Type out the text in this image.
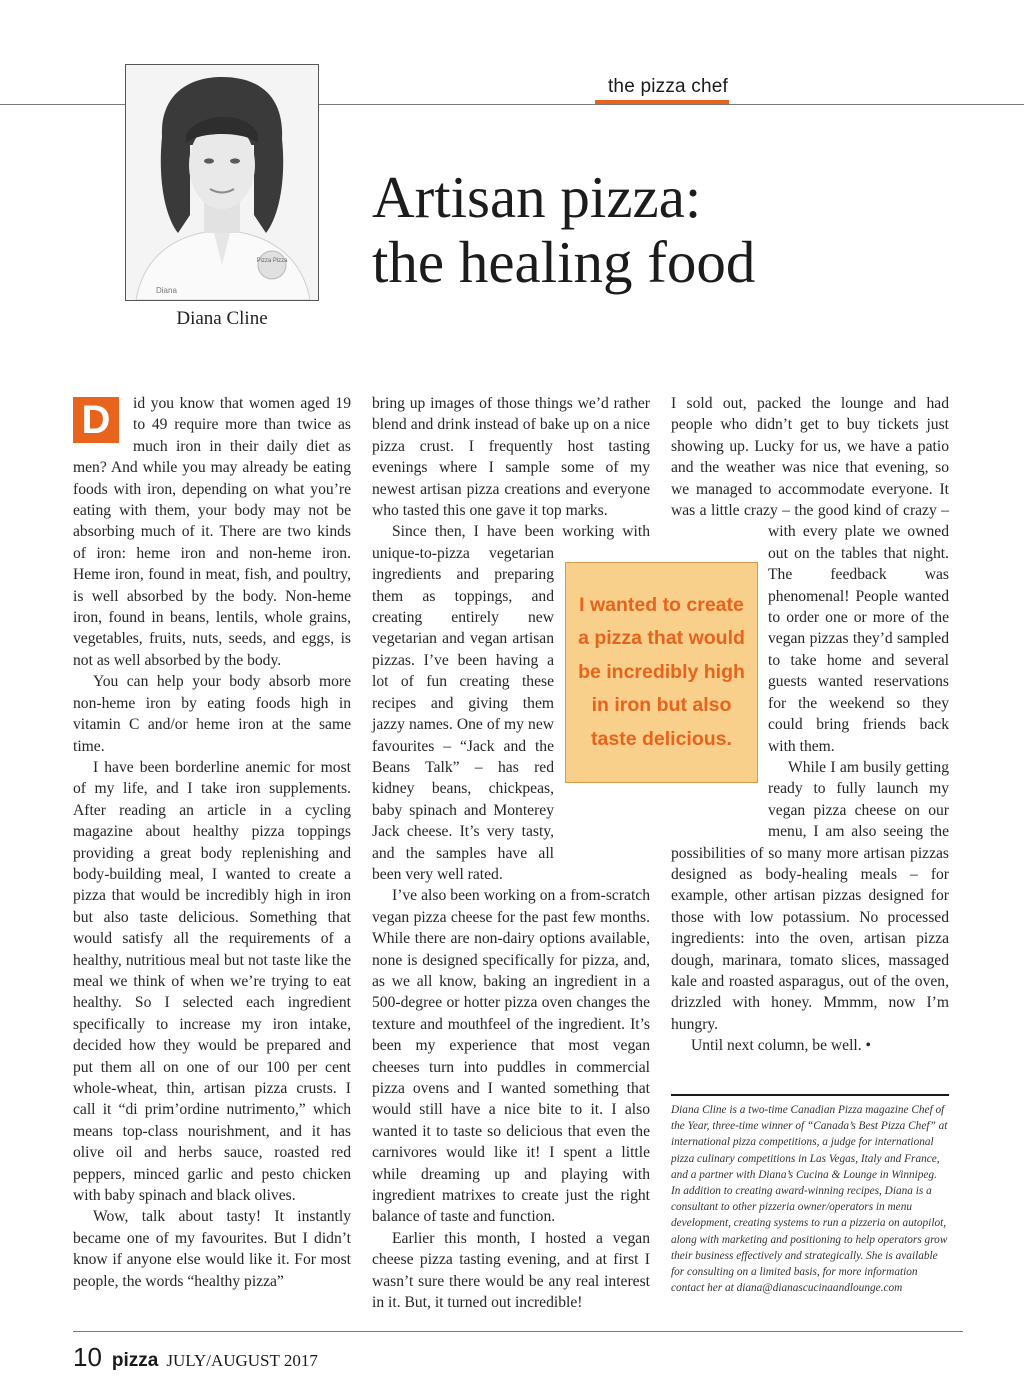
the pizza chef
Pizza Pizza
Diana
Diana Cline
Artisan pizza:
the healing food
D	id you know that women aged 19 to 49 require more than twice as much iron in their daily diet as men? And while you may already be eating foods with iron, depending on what you’re eating with them, your body may not be absorbing much of it. There are two kinds of iron: heme iron and non-heme iron. Heme iron, found in meat, fish, and poultry, is well absorbed by the body. Non-heme iron, found in beans, lentils, whole grains, vegetables, fruits, nuts, seeds, and eggs, is not as well absorbed by the body.

You can help your body absorb more non-heme iron by eating foods high in vitamin C and/or heme iron at the same time.

I have been borderline anemic for most of my life, and I take iron supplements. After reading an article in a cycling magazine about healthy pizza toppings providing a great body replenishing and body-building meal, I wanted to create a pizza that would be incredibly high in iron but also taste delicious. Something that would satisfy all the requirements of a healthy, nutritious meal but not taste like the meal we think of when we’re trying to eat healthy. So I selected each ingredient specifically to increase my iron intake, decided how they would be prepared and put them all on one of our 100 per cent whole-wheat, thin, artisan pizza crusts. I call it “di prim’ordine nutrimento,” which means top-class nourishment, and it has olive oil and herbs sauce, roasted red peppers, minced garlic and pesto chicken with baby spinach and black olives.

Wow, talk about tasty! It instantly became one of my favourites. But I didn’t know if anyone else would like it. For most people, the words “healthy pizza”

bring up images of those things we’d rather blend and drink instead of bake up on a nice pizza crust. I frequently host tasting evenings where I sample some of my newest artisan pizza creations and everyone who tasted this one gave it top marks.

Since then, I have been working with unique-to-pizza vegetarian ingredients and preparing them as toppings, and creating entirely new vegetarian and vegan artisan pizzas. I’ve been having a lot of fun creating these recipes and giving them jazzy names. One of my new favourites – “Jack and the Beans Talk” – has red kidney beans, chickpeas, baby spinach and Monterey Jack cheese. It’s very tasty, and the samples have all been very well rated.

I’ve also been working on a from-scratch vegan pizza cheese for the past few months. While there are non-dairy options available, none is designed specifically for pizza, and, as we all know, baking an ingredient in a 500-degree or hotter pizza oven changes the texture and mouthfeel of the ingredient. It’s been my experience that most vegan cheeses turn into puddles in commercial pizza ovens and I wanted something that would still have a nice bite to it. I also wanted it to taste so delicious that even the carnivores would like it! I spent a little while dreaming up and playing with ingredient matrixes to create just the right balance of taste and function.

Earlier this month, I hosted a vegan cheese pizza tasting evening, and at first I wasn’t sure there would be any real interest in it. But, it turned out incredible!

I sold out, packed the lounge and had people who didn’t get to buy tickets just showing up. Lucky for us, we have a patio and the weather was nice that evening, so we managed to accommodate everyone. It was a little crazy – the good kind of crazy – with every plate we owned out on the tables that night. The feedback was phenomenal! People wanted to order one or more of the vegan pizzas they’d sampled to take home and several guests wanted reservations for the weekend so they could bring friends back with them.

While I am busily getting ready to fully launch my vegan pizza cheese on our menu, I am also seeing the possibilities of so many more artisan pizzas designed as body-healing meals – for example, other artisan pizzas designed for those with low potassium. No processed ingredients: into the oven, artisan pizza dough, marinara, tomato slices, massaged kale and roasted asparagus, out of the oven, drizzled with honey. Mmmm, now I’m hungry.

Until next column, be well. •

I wanted to create a pizza that would be incredibly high in iron but also taste delicious.
Diana Cline is a two-time Canadian Pizza magazine Chef of the Year, three-time winner of “Canada’s Best Pizza Chef” at international pizza competitions, a judge for international pizza culinary competitions in Las Vegas, Italy and France, and a partner with Diana’s Cucina & Lounge in Winnipeg. In addition to creating award-winning recipes, Diana is a consultant to other pizzeria owner/operators in menu development, creating systems to run a pizzeria on autopilot, along with marketing and positioning to help operators grow their business effectively and strategically. She is available for consulting on a limited basis, for more information contact her at diana@dianascucinaandlounge.com
10 pizza JULY/AUGUST 2017
